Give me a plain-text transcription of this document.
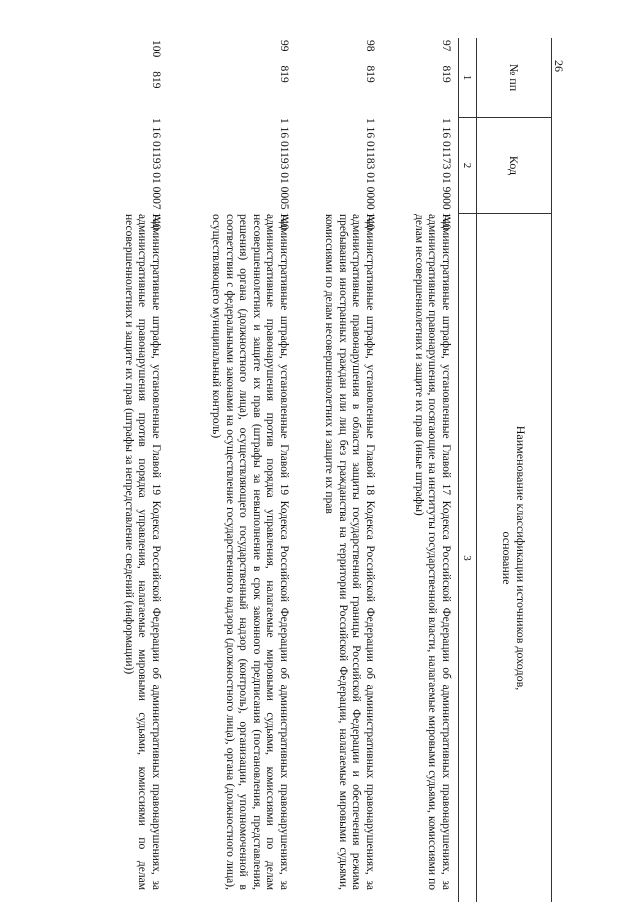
26
№ пп
Код
Наименование классификации источников доходов,
основание
1
2
3
97
819
1 16 01173 01 9000 140
Административные штрафы, установленные Главой 17 Кодекса Российской Федерации об административных правонарушениях, за административные правонарушения, посягающие на институты государственной власти, налагаемые мировыми судьями, комиссиями по делам несовершеннолетних и защите их прав (иные штрафы)
98
819
1 16 01183 01 0000 140
Административные штрафы, установленные Главой 18 Кодекса Российской Федерации об административных правонарушениях, за административные правонарушения в области защиты государственной границы Российской Федерации и обеспечения режима пребывания иностранных граждан или лиц без гражданства на территории Российской Федерации, налагаемые мировыми судьями, комиссиями по делам несовершеннолетних и защите их прав
99
819
1 16 01193 01 0005 140
Административные штрафы, установленные Главой 19 Кодекса Российской Федерации об административных правонарушениях, за административные правонарушения против порядка управления, налагаемые мировыми судьями, комиссиями по делам несовершеннолетних и защите их прав (штрафы за невыполнение в срок законного предписания (постановления, представления, решения) органа (должностного лица), осуществляющего государственный надзор (контроль), организации, уполномоченной в соответствии с федеральными законами на осуществление государственного надзора (должностного лица), органа (должностного лица), осуществляющего муниципальный контроль)
100
819
1 16 01193 01 0007 140
Административные штрафы, установленные Главой 19 Кодекса Российской Федерации об административных правонарушениях, за административные правонарушения против порядка управления, налагаемые мировыми судьями, комиссиями по делам несовершеннолетних и защите их прав (штрафы за непредставление сведений (информации))
